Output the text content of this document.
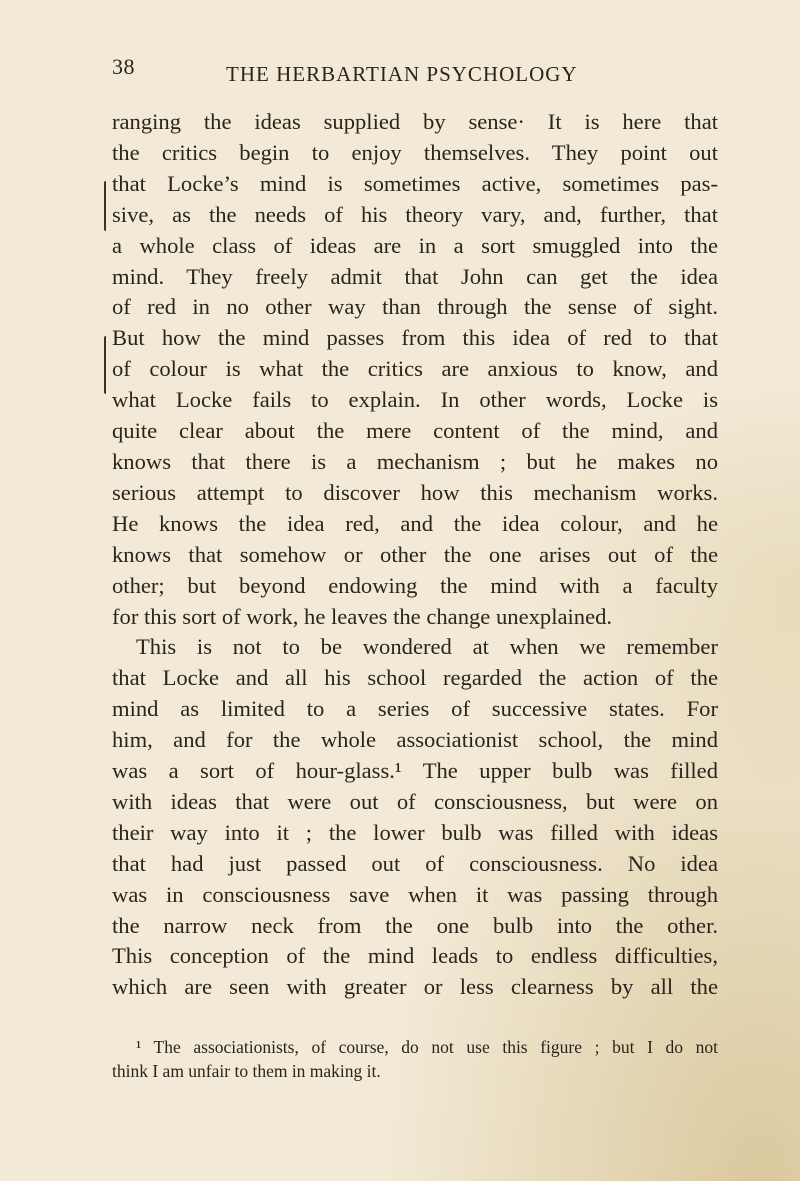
38	THE HERBARTIAN PSYCHOLOGY
ranging the ideas supplied by sense· It is here that
the critics begin to enjoy themselves. They point out
that Locke’s mind is sometimes active, sometimes pas-
sive, as the needs of his theory vary, and, further, that
a whole class of ideas are in a sort smuggled into the
mind. They freely admit that John can get the idea
of red in no other way than through the sense of sight.
But how the mind passes from this idea of red to that
of colour is what the critics are anxious to know, and
what Locke fails to explain. In other words, Locke is
quite clear about the mere content of the mind, and
knows that there is a mechanism ; but he makes no
serious attempt to discover how this mechanism works.
He knows the idea red, and the idea colour, and he
knows that somehow or other the one arises out of the
other; but beyond endowing the mind with a faculty
for this sort of work, he leaves the change unexplained.
This is not to be wondered at when we remember
that Locke and all his school regarded the action of the
mind as limited to a series of successive states. For
him, and for the whole associationist school, the mind
was a sort of hour-glass.¹ The upper bulb was filled
with ideas that were out of consciousness, but were on
their way into it ; the lower bulb was filled with ideas
that had just passed out of consciousness. No idea
was in consciousness save when it was passing through
the narrow neck from the one bulb into the other.
This conception of the mind leads to endless difficulties,
which are seen with greater or less clearness by all the
¹ The associationists, of course, do not use this figure ; but I do not
think I am unfair to them in making it.
